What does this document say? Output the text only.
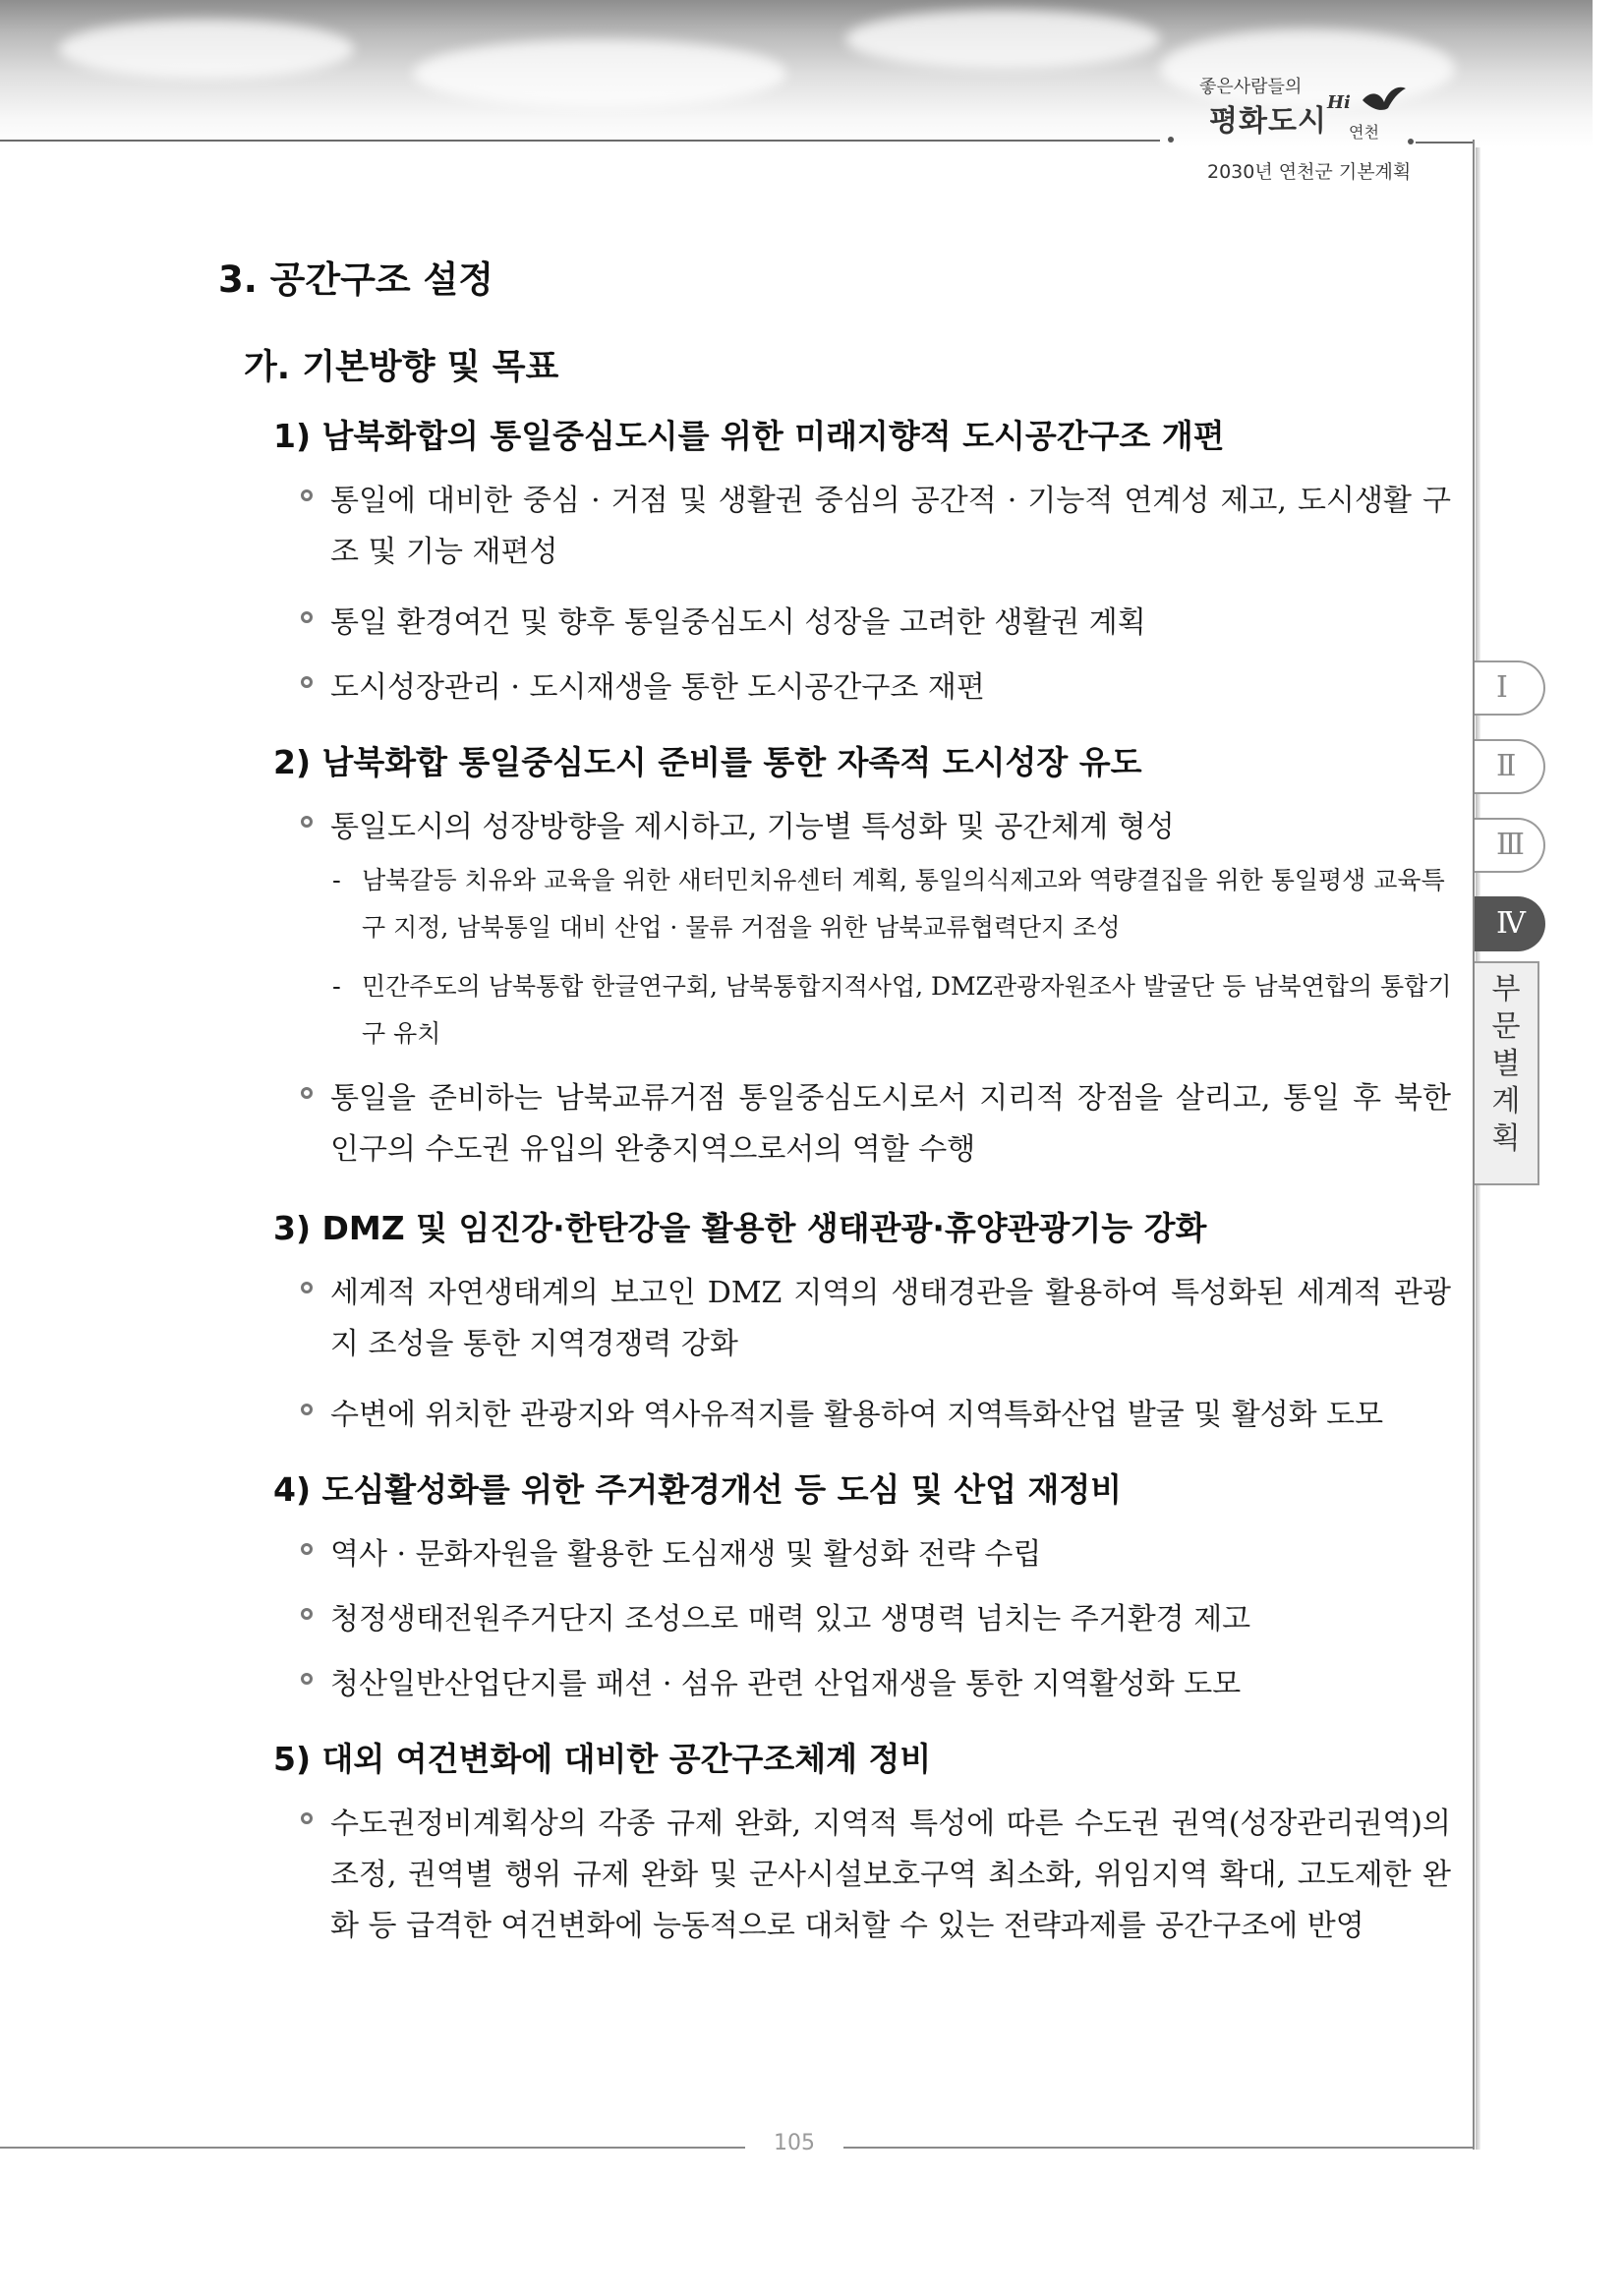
좋은사람들의
평화도시
Hi
연천
2030년 연천군 기본계획
Ⅰ
Ⅱ
Ⅲ
Ⅳ
부문별계획
3. 공간구조 설정
가. 기본방향 및 목표
1) 남북화합의 통일중심도시를 위한 미래지향적 도시공간구조 개편
통일에 대비한 중심 · 거점 및 생활권 중심의 공간적 · 기능적 연계성 제고, 도시생활 구조 및 기능 재편성
통일 환경여건 및 향후 통일중심도시 성장을 고려한 생활권 계획
도시성장관리 · 도시재생을 통한 도시공간구조 재편
2) 남북화합 통일중심도시 준비를 통한 자족적 도시성장 유도
통일도시의 성장방향을 제시하고, 기능별 특성화 및 공간체계 형성
- 남북갈등 치유와 교육을 위한 새터민치유센터 계획, 통일의식제고와 역량결집을 위한 통일평생 교육특구 지정, 남북통일 대비 산업 · 물류 거점을 위한 남북교류협력단지 조성
- 민간주도의 남북통합 한글연구회, 남북통합지적사업, DMZ관광자원조사 발굴단 등 남북연합의 통합기구 유치
통일을 준비하는 남북교류거점 통일중심도시로서 지리적 장점을 살리고, 통일 후 북한 인구의 수도권 유입의 완충지역으로서의 역할 수행
3) DMZ 및 임진강·한탄강을 활용한 생태관광·휴양관광기능 강화
세계적 자연생태계의 보고인 DMZ 지역의 생태경관을 활용하여 특성화된 세계적 관광지 조성을 통한 지역경쟁력 강화
수변에 위치한 관광지와 역사유적지를 활용하여 지역특화산업 발굴 및 활성화 도모
4) 도심활성화를 위한 주거환경개선 등 도심 및 산업 재정비
역사 · 문화자원을 활용한 도심재생 및 활성화 전략 수립
청정생태전원주거단지 조성으로 매력 있고 생명력 넘치는 주거환경 제고
청산일반산업단지를 패션 · 섬유 관련 산업재생을 통한 지역활성화 도모
5) 대외 여건변화에 대비한 공간구조체계 정비
수도권정비계획상의 각종 규제 완화, 지역적 특성에 따른 수도권 권역(성장관리권역)의 조정, 권역별 행위 규제 완화 및 군사시설보호구역 최소화, 위임지역 확대, 고도제한 완화 등 급격한 여건변화에 능동적으로 대처할 수 있는 전략과제를 공간구조에 반영
105
